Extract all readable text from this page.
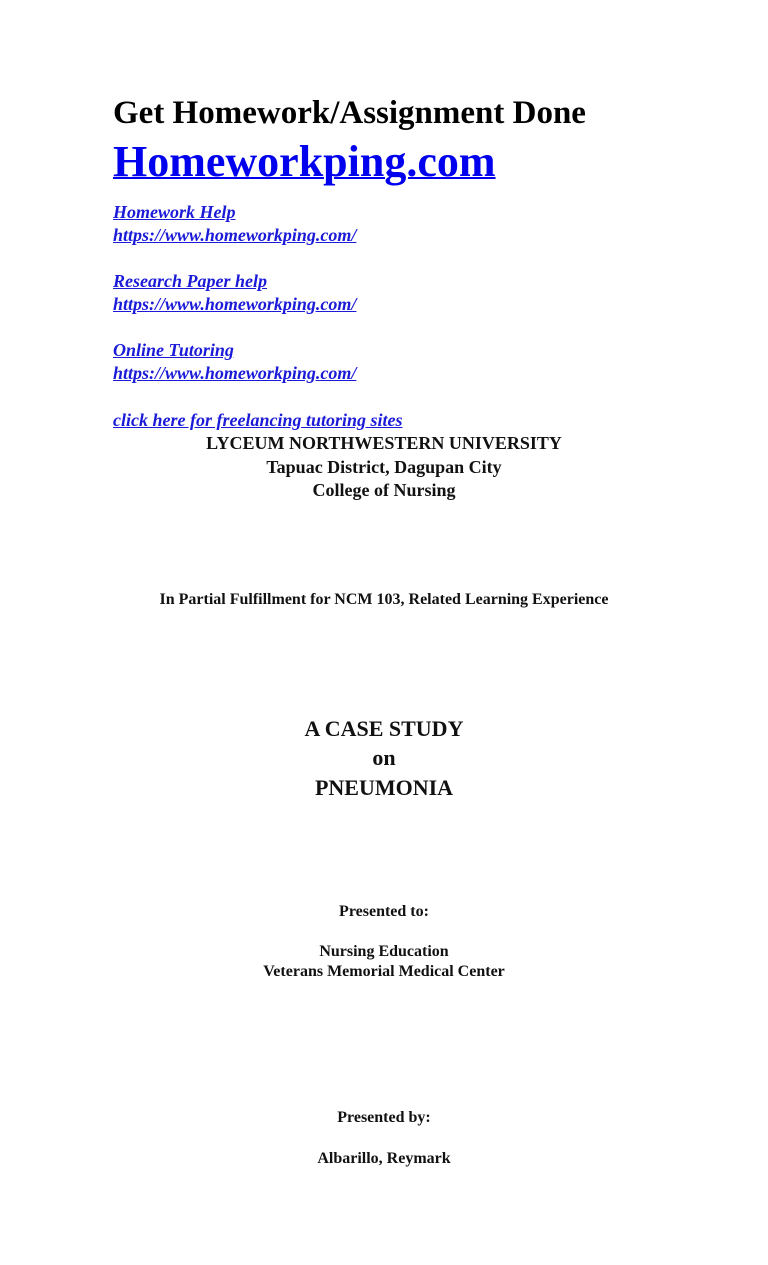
Get Homework/Assignment Done
Homeworkping.com
Homework Help
https://www.homeworkping.com/
Research Paper help
https://www.homeworkping.com/
Online Tutoring
https://www.homeworkping.com/
click here for freelancing tutoring sites
LYCEUM NORTHWESTERN UNIVERSITY
Tapuac District, Dagupan City
College of Nursing
In Partial Fulfillment for NCM 103, Related Learning Experience
A CASE STUDY
on
PNEUMONIA
Presented to:
Nursing Education
Veterans Memorial Medical Center
Presented by:
Albarillo, Reymark
